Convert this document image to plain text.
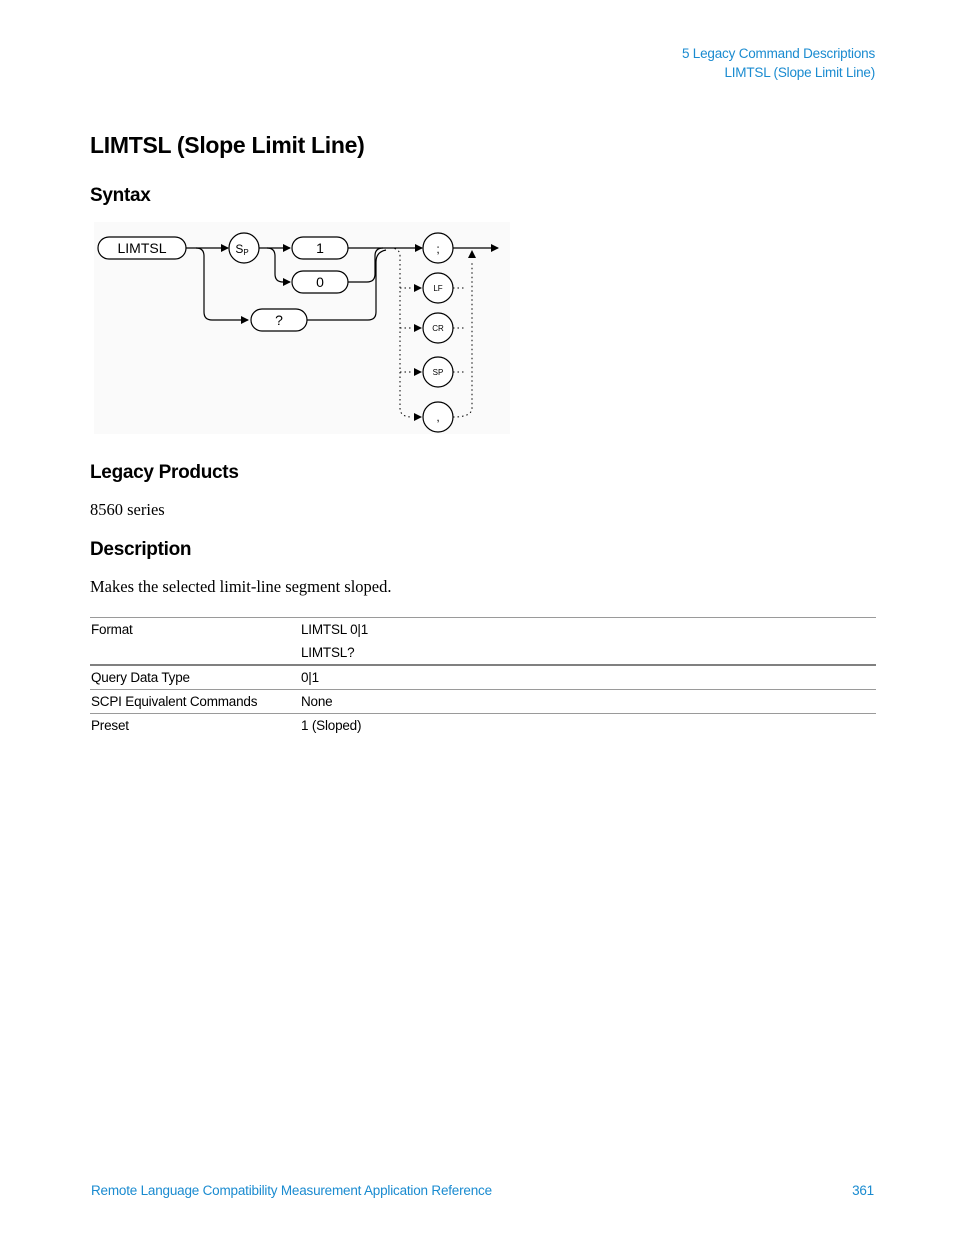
5 Legacy Command Descriptions
LIMTSL (Slope Limit Line)
LIMTSL (Slope Limit Line)
Syntax
LIMTSL	SP	1
0
?
;
LF
CR
SP
,
Legacy Products

8560 series

Description

Makes the selected limit-line segment sloped.

Format	LIMTSL 0|1
LIMTSL?

Query Data Type	0|1
SCPI Equivalent Commands	None
Preset	1 (Sloped)
Remote Language Compatibility Measurement Application Reference	361
